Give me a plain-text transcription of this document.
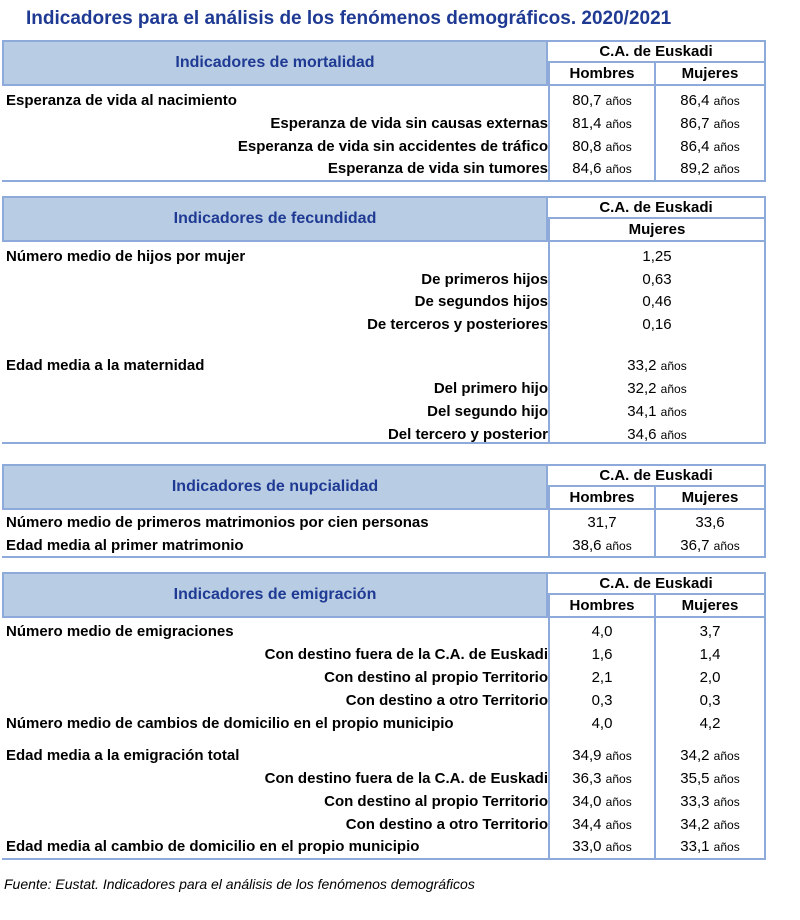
Indicadores para el análisis de los fenómenos demográficos. 2020/2021
Indicadores de mortalidad
C.A. de Euskadi
Hombres	Mujeres
Esperanza de vida al nacimiento	80,7 años	86,4 años
Esperanza de vida sin causas externas	81,4 años	86,7 años
Esperanza de vida sin accidentes de tráfico	80,8 años	86,4 años
Esperanza de vida sin tumores	84,6 años	89,2 años
Indicadores de fecundidad
C.A. de Euskadi
Mujeres
Número medio de hijos por mujer	1,25
De primeros hijos	0,63
De segundos hijos	0,46
De terceros y posteriores	0,16
Edad media a la maternidad	33,2 años
Del primero hijo	32,2 años
Del segundo hijo	34,1 años
Del tercero y posterior	34,6 años
Indicadores de nupcialidad
C.A. de Euskadi
Hombres	Mujeres
Número medio de primeros matrimonios por cien personas	31,7	33,6
Edad media al primer matrimonio	38,6 años	36,7 años
Indicadores de emigración
C.A. de Euskadi
Hombres	Mujeres
Número medio de emigraciones	4,0	3,7
Con destino fuera de la C.A. de Euskadi	1,6	1,4
Con destino al propio Territorio	2,1	2,0
Con destino a otro Territorio	0,3	0,3
Número medio de cambios de domicilio en el propio municipio	4,0	4,2
Edad media a la emigración total	34,9 años	34,2 años
Con destino fuera de la C.A. de Euskadi	36,3 años	35,5 años
Con destino al propio Territorio	34,0 años	33,3 años
Con destino a otro Territorio	34,4 años	34,2 años
Edad media al cambio de domicilio en el propio municipio	33,0 años	33,1 años
Fuente: Eustat. Indicadores para el análisis de los fenómenos demográficos
